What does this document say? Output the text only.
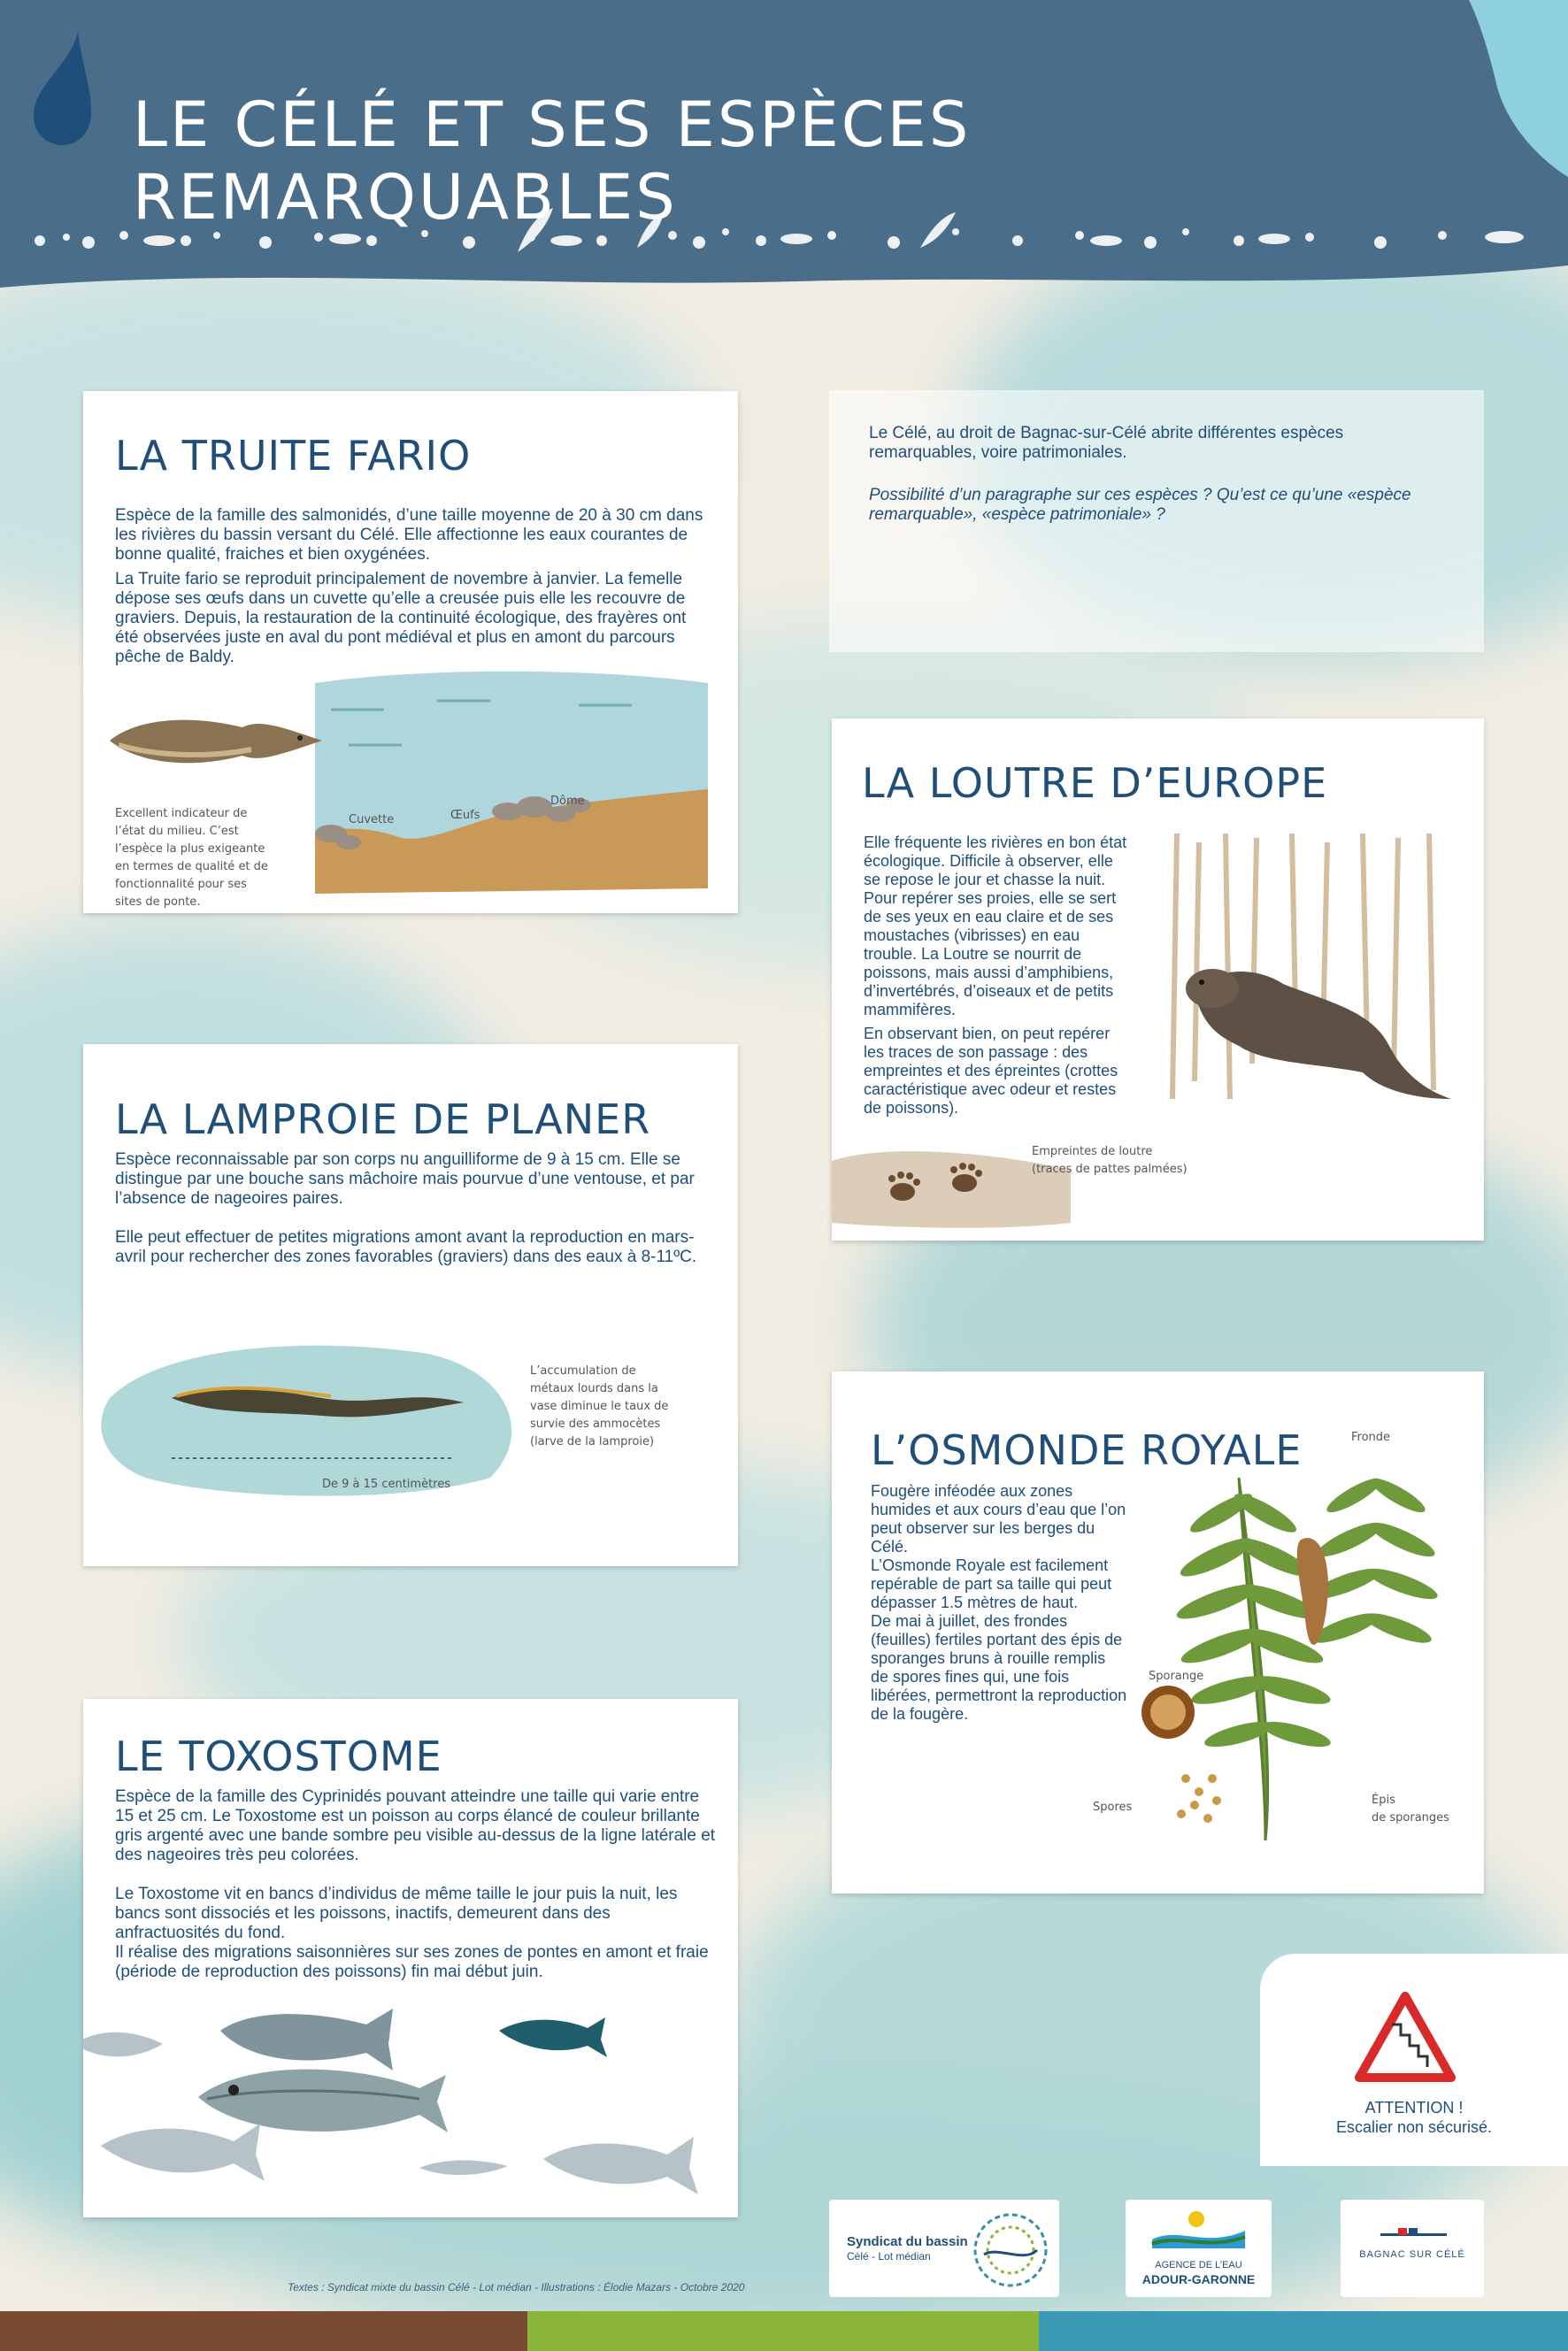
LE CÉLÉ ET SES ESPÈCES REMARQUABLES
Le Célé, au droit de Bagnac-sur-Célé abrite différentes espèces remarquables, voire patrimoniales.
Possibilité d’un paragraphe sur ces espèces ? Qu’est ce qu’une «espèce remarquable», «espèce patrimoniale» ?
LA TRUITE FARIO

Espèce de la famille des salmonidés, d’une taille moyenne de 20 à 30 cm dans les rivières du bassin versant du Célé. Elle affectionne les eaux courantes de bonne qualité, fraiches et bien oxygénées.

La Truite fario se reproduit principalement de novembre à janvier. La femelle dépose ses œufs dans un cuvette qu’elle a creusée puis elle les recouvre de graviers. Depuis, la restauration de la continuité écologique, des frayères ont été observées juste en aval du pont médiéval et plus en amont du parcours pêche de Baldy.

Cuvette	Œufs
Dôme
Excellent indicateur de l’état du milieu. C’est l’espèce la plus exigeante en termes de qualité et de fonctionnalité pour ses sites de ponte.
LA LOUTRE D’EUROPE

Elle fréquente les rivières en bon état écologique. Difficile à observer, elle se repose le jour et chasse la nuit. Pour repérer ses proies, elle se sert de ses yeux en eau claire et de ses moustaches (vibrisses) en eau trouble. La Loutre se nourrit de poissons, mais aussi d’amphibiens, d’invertébrés, d’oiseaux et de petits mammifères.

En observant bien, on peut repérer les traces de son passage : des empreintes et des épreintes (crottes caractéristique avec odeur et restes de poissons).

Empreintes de loutre
(traces de pattes palmées)
LA LAMPROIE DE PLANER

Espèce reconnaissable par son corps nu anguilliforme de 9 à 15 cm. Elle se distingue par une bouche sans mâchoire mais pourvue d’une ventouse, et par l’absence de nageoires paires.

Elle peut effectuer de petites migrations amont avant la reproduction en mars-avril pour rechercher des zones favorables (graviers) dans des eaux à 8-11ºC.

De 9 à 15 centimètres
L’accumulation de métaux lourds dans la vase diminue le taux de survie des ammocètes (larve de la lamproie)	L’OSMONDE ROYALE

Fougère inféodée aux zones humides et aux cours d’eau que l’on peut observer sur les berges du Célé.

L’Osmonde Royale est facilement repérable de part sa taille qui peut dépasser 1.5 mètres de haut.

De mai à juillet, des frondes (feuilles) fertiles portant des épis de sporanges bruns à rouille remplis de spores fines qui, une fois libérées, permettront la reproduction de la fougère.

Fronde
Sporange
Spores
Épis
de sporanges
LE TOXOSTOME

Espèce de la famille des Cyprinidés pouvant atteindre une taille qui varie entre 15 et 25 cm. Le Toxostome est un poisson au corps élancé de couleur brillante gris argenté avec une bande sombre peu visible au-dessus de la ligne latérale et des nageoires très peu colorées.

Le Toxostome vit en bancs d’individus de même taille le jour puis la nuit, les bancs sont dissociés et les poissons, inactifs, demeurent dans des anfractuosités du fond.

Il réalise des migrations saisonnières sur ses zones de pontes en amont et fraie (période de reproduction des poissons) fin mai début juin.

ATTENTION !
Escalier non sécurisé.
Syndicat du bassin
Célé - Lot médian
AGENCE DE L’EAU
ADOUR-GARONNE
BAGNAC SUR CÉLÉ
Textes : Syndicat mixte du bassin Célé - Lot médian - Illustrations : Élodie Mazars - Octobre 2020
